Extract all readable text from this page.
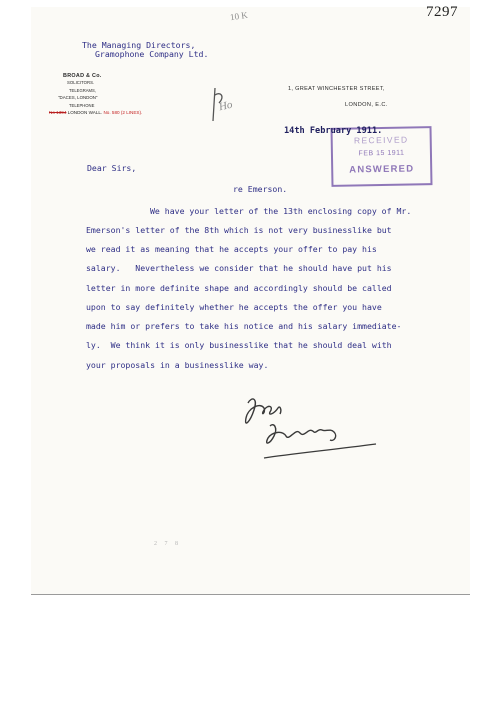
7297
10 K
The Managing Directors,
Gramophone Company Ltd.
BROAD & Co.
SOLICITORS.
TELEGRAMS,
"DACES, LONDON"
TELEPHONE
No 1394 LONDON WALL. No. 580 (2 LINES).	Ho
1, GREAT WINCHESTER STREET,
LONDON, E.C.
RECEIVED
FEB 15 1911
ANSWERED
14th February 1911.
Dear Sirs,
re Emerson.
We have your letter of the 13th enclosing copy of Mr.
Emerson's letter of the 8th which is not very businesslike but
we read it as meaning that he accepts your offer to pay his
salary.   Nevertheless we consider that he should have put his
letter in more definite shape and accordingly should be called
upon to say definitely whether he accepts the offer you have
made him or prefers to take his notice and his salary immediate-
ly.  We think it is only businesslike that he should deal with
your proposals in a businesslike way.
2 7 8
